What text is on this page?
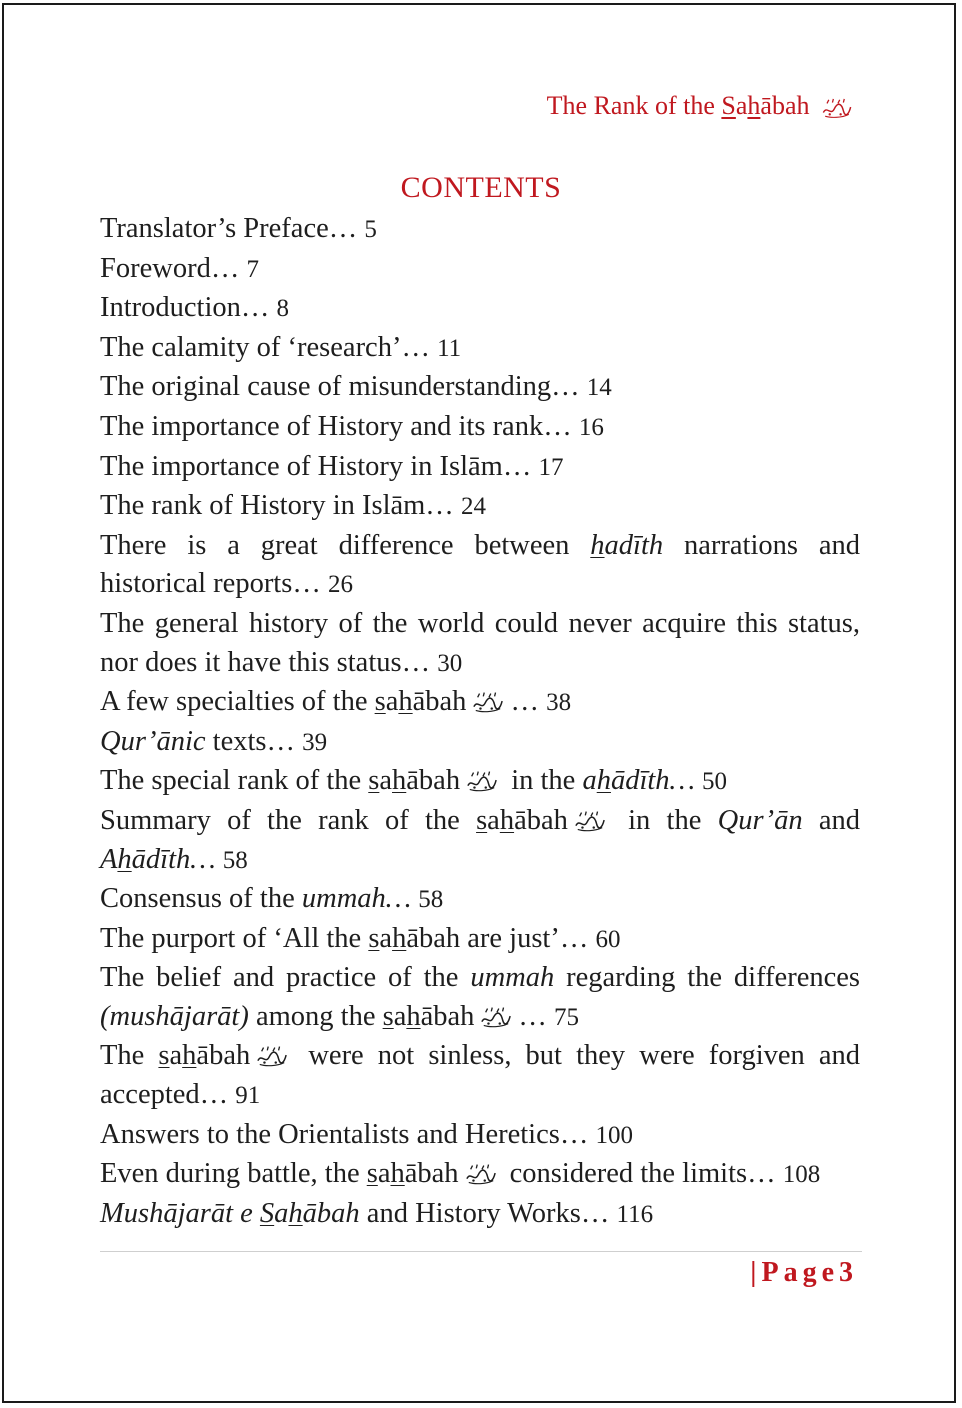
The Rank of the Sahābah
CONTENTS
Translator’s Preface… 5
Foreword… 7
Introduction… 8
The calamity of ‘research’… 11
The original cause of misunderstanding… 14
The importance of History and its rank… 16
The importance of History in Islām… 17
The rank of History in Islām… 24
There is a great difference between hadīth narrations and historical reports… 26
The general history of the world could never acquire this status, nor does it have this status… 30
A few specialties of the sahābah … 38
Qur’ānic texts… 39
The special rank of the sahābah in the ahādīth… 50
Summary of the rank of the sahābah in the Qur’ān and Ahādīth… 58
Consensus of the ummah… 58
The purport of ‘All the sahābah are just’… 60
The belief and practice of the ummah regarding the differences (mushājarāt) among the sahābah … 75
The sahābah were not sinless, but they were forgiven and accepted… 91
Answers to the Orientalists and Heretics… 100
Even during battle, the sahābah considered the limits… 108
Mushājarāt e Sahābah and History Works… 116
|Page3
